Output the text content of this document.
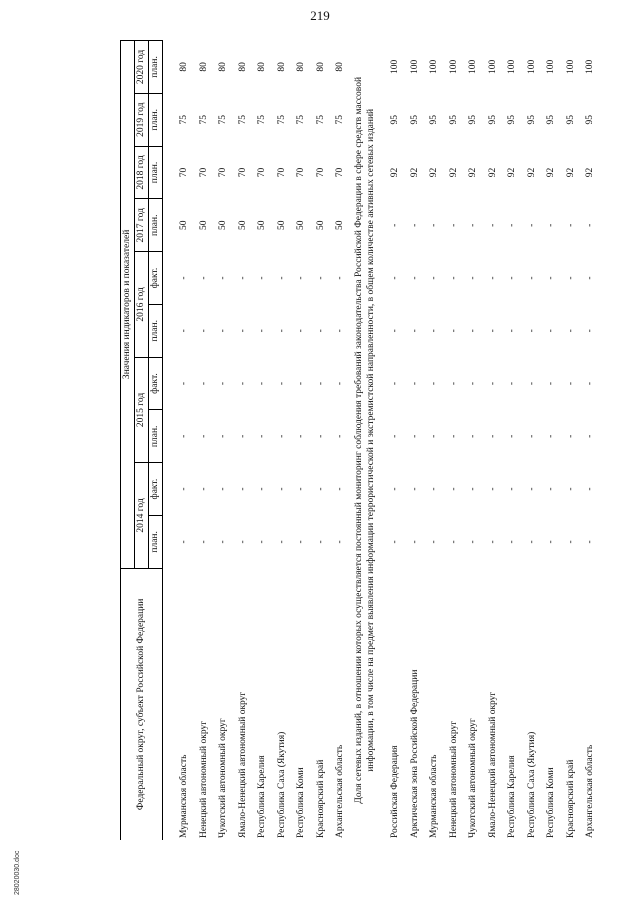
219
28020030.doc
Федеральный округ, субъект Российской Федерации	Значения индикаторов и показателей									
	2014 год		2015 год		2016 год		2017 год	2018 год	2019 год	2020 год
	план.	факт.	план.	факт.	план.	факт.	план.	план.	план.	план.

Мурманская область	-	-	-	-	-	-	50	70	75	80
Ненецкий автономный округ	-	-	-	-	-	-	50	70	75	80
Чукотский автономный округ	-	-	-	-	-	-	50	70	75	80
Ямало-Ненецкий автономный округ	-	-	-	-	-	-	50	70	75	80
Республика Карелия	-	-	-	-	-	-	50	70	75	80
Республика Саха (Якутия)	-	-	-	-	-	-	50	70	75	80
Республика Коми	-	-	-	-	-	-	50	70	75	80
Красноярский край	-	-	-	-	-	-	50	70	75	80
Архангельская область	-	-	-	-	-	-	50	70	75	80
Доля сетевых изданий, в отношении которых осуществляется постоянный мониторинг соблюдения требований законодательства Российской Федерации в сфере средств массовой информации, в том числе на предмет выявления информации террористической и экстремистской направленности, в общем количестве активных сетевых изданий										
Российская Федерация	-	-	-	-	-	-	-	92	95	100
Арктическая зона Российской Федерации	-	-	-	-	-	-	-	92	95	100
Мурманская область	-	-	-	-	-	-	-	92	95	100
Ненецкий автономный округ	-	-	-	-	-	-	-	92	95	100
Чукотский автономный округ	-	-	-	-	-	-	-	92	95	100
Ямало-Ненецкий автономный округ	-	-	-	-	-	-	-	92	95	100
Республика Карелия	-	-	-	-	-	-	-	92	95	100
Республика Саха (Якутия)	-	-	-	-	-	-	-	92	95	100
Республика Коми	-	-	-	-	-	-	-	92	95	100
Красноярский край	-	-	-	-	-	-	-	92	95	100
Архангельская область	-	-	-	-	-	-	-	92	95	100
